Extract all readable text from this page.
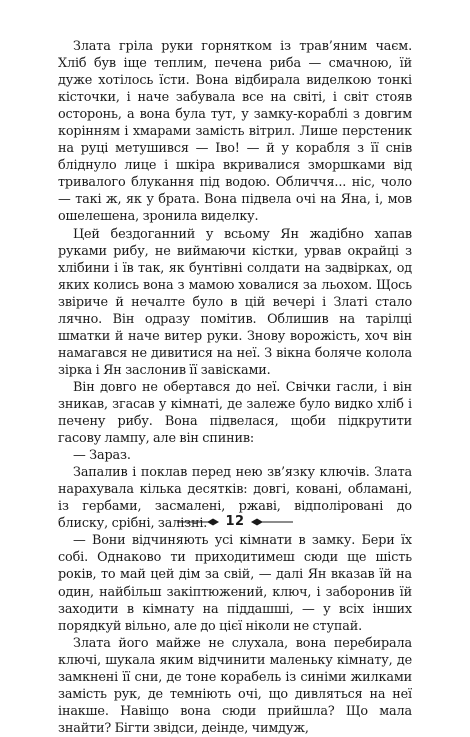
Злата гріла руки горнятком із трав’яним чаєм. Хліб був іще теплим, печена риба — смачною, їй дуже хотілось їсти. Вона відбирала виделкою тонкі кісточки, і наче забувала все на світі, і світ стояв осторонь, а вона була тут, у замку-кораблі з довгим корінням і хмарами замість вітрил. Лише перстеник на руці метушився — Іво! — й у корабля з її снів бліднуло лице і шкіра вкривалися зморшками від тривалого блукання під водою. Обличчя... ніс, чоло — такі ж, як у брата. Вона підвела очі на Яна, і, мов ошелешена, зронила виделку.

Цей бездоганний у всьому Ян жадібно хапав руками рибу, не виймаючи кістки, урвав окрайці з хлібини і їв так, як бунтівні солдати на задвірках, од яких колись вона з мамою ховалися за льохом. Щось звіриче й нечалте було в цій вечері і Златі стало лячно. Він одразу помітив. Облишив на тарілці шматки й наче витер руки. Знову ворожість, хоч він намагався не дивитися на неї. З вікна боляче колола зірка і Ян заслонив її завісками.

Він довго не обертався до неї. Свічки гасли, і він зникав, згасав у кімнаті, де залеже було видко хліб і печену рибу. Вона підвелася, щоби підкрутити гасову лампу, але він спинив:

— Зараз.

Запалив і поклав перед нею зв’язку ключів. Злата нарахувала кілька десятків: довгі, ковані, обламані, із гербами, засмалені, ржаві, відполіровані до блиску, срібні, залізні.

— Вони відчиняють усі кімнати в замку. Бери їх собі. Однаково ти приходитимеш сюди ще шість років, то май цей дім за свій, — далі Ян вказав їй на один, найбільш закіптюжений, ключ, і заборонив їй заходити в кімнату на піддашші, — у всіх інших порядкуй вільно, але до цієї ніколи не ступай.

Злата його майже не слухала, вона перебирала ключі, шукала яким відчинити маленьку кімнату, де замкнені її сни, де тоне корабель із синіми жилками замість рук, де темніють очі, що дивляться на неї інакше. Навіщо вона сюди прийшла? Що мала знайти? Бігти звідси, деінде, чимдуж,

12
